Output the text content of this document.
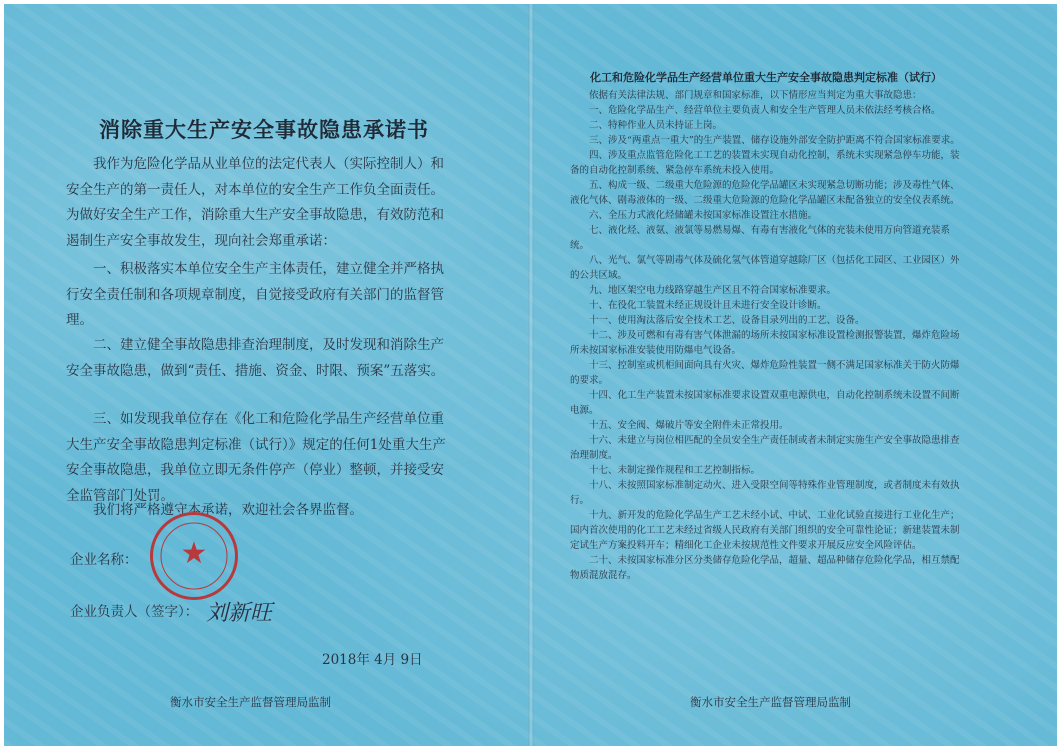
消除重大生产安全事故隐患承诺书

我作为危险化学品从业单位的法定代表人（实际控制人）和安全生产的第一责任人，对本单位的安全生产工作负全面责任。为做好安全生产工作，消除重大生产安全事故隐患，有效防范和遏制生产安全事故发生，现向社会郑重承诺：

一、积极落实本单位安全生产主体责任，建立健全并严格执行安全责任制和各项规章制度，自觉接受政府有关部门的监督管理。

二、建立健全事故隐患排查治理制度，及时发现和消除生产安全事故隐患，做到“责任、措施、资金、时限、预案”五落实。

三、如发现我单位存在《化工和危险化学品生产经营单位重大生产安全事故隐患判定标准（试行）》规定的任何1处重大生产安全事故隐患，我单位立即无条件停产（停业）整顿，并接受安全监管部门处罚。

我们将严格遵守本承诺，欢迎社会各界监督。

企业名称：	★
企业负责人（签字）： 刘新旺
2018年 4月 9日
衡水市安全生产监督管理局监制
化工和危险化学品生产经营单位重大生产安全事故隐患判定标准（试行）

依据有关法律法规、部门规章和国家标准，以下情形应当判定为重大事故隐患：

一、危险化学品生产、经营单位主要负责人和安全生产管理人员未依法经考核合格。

二、特种作业人员未持证上岗。

三、涉及“两重点一重大”的生产装置、储存设施外部安全防护距离不符合国家标准要求。

四、涉及重点监管危险化工工艺的装置未实现自动化控制，系统未实现紧急停车功能，装备的自动化控制系统、紧急停车系统未投入使用。

五、构成一级、二级重大危险源的危险化学品罐区未实现紧急切断功能；涉及毒性气体、液化气体、剧毒液体的一级、二级重大危险源的危险化学品罐区未配备独立的安全仪表系统。

六、全压力式液化烃储罐未按国家标准设置注水措施。

七、液化烃、液氨、液氯等易燃易爆、有毒有害液化气体的充装未使用万向管道充装系统。

八、光气、氯气等剧毒气体及硫化氢气体管道穿越除厂区（包括化工园区、工业园区）外的公共区域。

九、地区架空电力线路穿越生产区且不符合国家标准要求。

十、在役化工装置未经正规设计且未进行安全设计诊断。

十一、使用淘汰落后安全技术工艺、设备目录列出的工艺、设备。

十二、涉及可燃和有毒有害气体泄漏的场所未按国家标准设置检测报警装置，爆炸危险场所未按国家标准安装使用防爆电气设备。

十三、控制室或机柜间面向具有火灾、爆炸危险性装置一侧不满足国家标准关于防火防爆的要求。

十四、化工生产装置未按国家标准要求设置双重电源供电，自动化控制系统未设置不间断电源。

十五、安全阀、爆破片等安全附件未正常投用。

十六、未建立与岗位相匹配的全员安全生产责任制或者未制定实施生产安全事故隐患排查治理制度。

十七、未制定操作规程和工艺控制指标。

十八、未按照国家标准制定动火、进入受限空间等特殊作业管理制度，或者制度未有效执行。

十九、新开发的危险化学品生产工艺未经小试、中试、工业化试验直接进行工业化生产；国内首次使用的化工工艺未经过省级人民政府有关部门组织的安全可靠性论证；新建装置未制定试生产方案投料开车；精细化工企业未按规范性文件要求开展反应安全风险评估。

二十、未按国家标准分区分类储存危险化学品，超量、超品种储存危险化学品，相互禁配物质混放混存。

衡水市安全生产监督管理局监制
